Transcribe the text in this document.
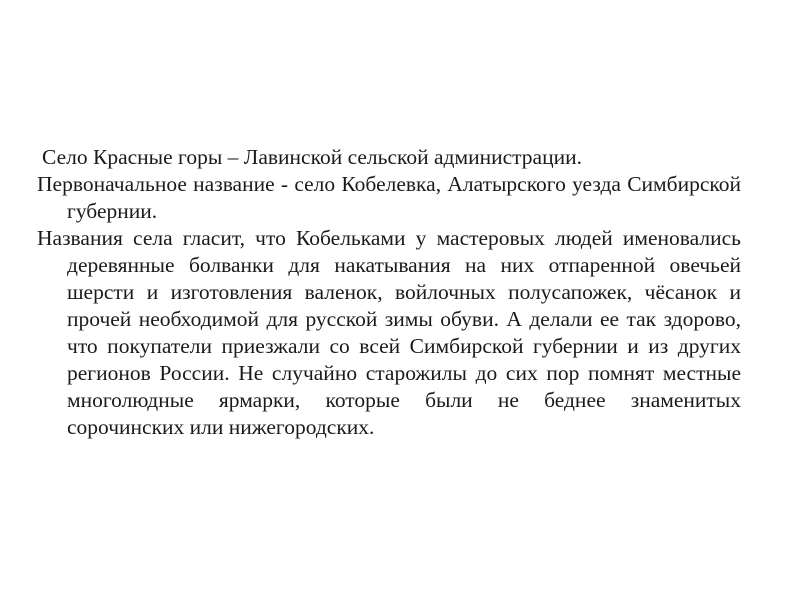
Село Красные горы – Лавинской сельской администрации.

Первоначальное название - село Кобелевка, Алатырского уезда Симбирской губернии.

Названия села гласит, что Кобельками у мастеровых людей именовались деревянные болванки для накатывания на них отпаренной овечьей шерсти и изготовления валенок, войлочных полусапожек, чёсанок и прочей необходимой для русской зимы обуви. А делали ее так здорово, что покупатели приезжали со всей Симбирской губернии и из других регионов России. Не случайно старожилы до сих пор помнят местные многолюдные ярмарки, которые были не беднее знаменитых сорочинских или нижегородских.
